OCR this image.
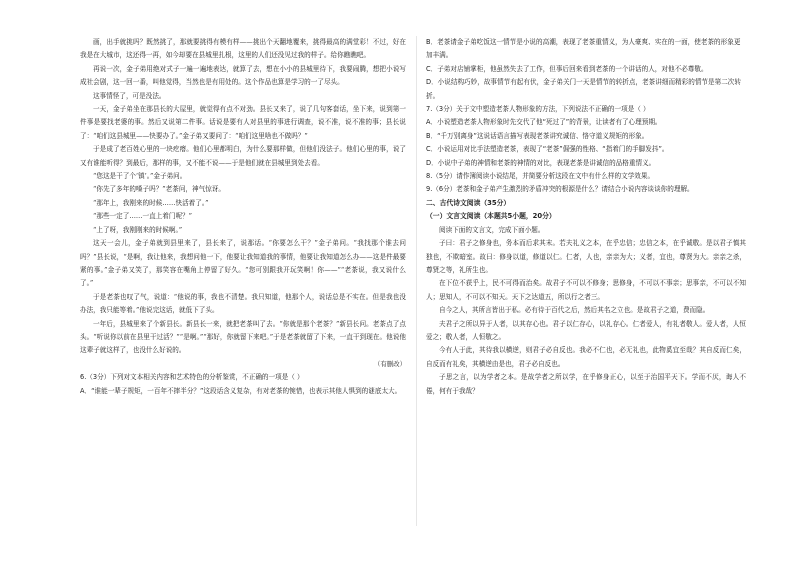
画，出手就挑吗？既然挑了，那就要挑得有模有样——挑出个天翻地覆来，挑得最高的满堂彩！不过，好在我是在大城市，这还得一再，如今却要在县城里扎根，这里的人们还没见过我的样子。给你瞧瞧吧。

再说一次，金子弟用绝对式子一遍一遍地表达，就算了去，想在小小的县城里待下，我要闹腾，想把小说写成社会剧，这一回一番，叫他觉得，当然也是有用处的。这个作品也算是学习的一了尽头。

这事情怪了，可是没法。

一天，金子弟坐在那县长的大屋里，就觉得有点不对劲。县长又来了，说了几句客套话，坐下来，说到第一件事是要找老婆的事。然后又说第二件事。话说是要有人对县里的事进行调查，说不准，说不准的事；县长说了：“咱们这县城里——快要办了。”金子弟又要问了：“咱们这里啥也不做吗？”

于是成了老百姓心里的一块疙瘩。他们心里都明白，为什么要那样做，但他们没法子。他们心里的事，说了又有谁能听得？到最后，那样的事，又不能不说——于是他们就在县城里到处去看。

“您这是干了个‘镇’。”金子弟问。

“你先了多年的嗓子吗？”老茶问，神气惊讶。

“那年上，我刚来的时候……快活着了。”

“那些一定了……一直上着门呢？”

“上了呀，我刚刚来的时候啊。”

这天一会儿，金子弟就到县里来了，县长来了，说那话。“你要怎么干？”金子弟问。“我找那个谁去问吗？”县长说，“是啊，我让他来，我想问他一下，他要让我知道我的事情，他要让我知道怎么办——这是件最要紧的事。”金子弟又笑了，那笑容在嘴角上停留了好久。“您可别跟我开玩笑啊！你——”“老茶说，我又说什么了。”

于是老茶也叹了气，说道：“他说的事，我也不清楚。我只知道，他那个人，说话总是不实在。但是我也没办法，我只能等着。”他说完这话，就低下了头。

一年后，县城里来了个新县长。新县长一来，就把老茶叫了去。“你就是那个老茶？”新县长问。老茶点了点头。“听说你以前在县里干过活？”“是啊。”“那好，你就留下来吧。”于是老茶就留了下来，一直干到现在。他说他这辈子就这样了，也没什么好说的。

（有删改）

6.（3分）下列对文本相关内容和艺术特色的分析鉴赏，不正确的一项是（ ）

A．“谁能一辈子规矩，一百年不摔半分？”这段话含义复杂，有对老茶的惋惜，也表示其他人惧到的谜底太大。

B．老茶请金子弟吃饭这一情节是小说的高潮，表现了老茶重情义，为人豪爽、实在的一面，使老茶的形象更加丰满。

C．子弟对店铺掌柜，他虽然失去了工作，但事后回来看到老茶的一个讲话的人，对他不必尊敬。

D．小说结构巧妙，故事情节有起有伏，金子弟关门一天是情节的转折点，老茶讲细而精彩的情节是第二次转折。

7.（3分）关于文中塑造老茶人物形象的方法，下列说法不正确的一项是（ ）

A．小说塑造老茶人物形象时先交代了他“死过了”的背景，让读者有了心理预期。

B．“千万别离身”这说话语言描写表现老茶讲究诚信、恪守道义规矩的形象。

C．小说运用对比手法塑造老茶，表现了“老茶”倔强的性格、“指着门的手脚发抖”。

D．小说中子弟的神情和老茶的神情的对比，表现老茶是讲诚信的品格重情义。

8.（5分）请作簿阅读小说结尾，并简要分析这段在文中有什么样的文学效果。

9.（6分）老茶和金子弟产生激烈的矛盾冲突的根源是什么？请结合小说内容谈谈你的理解。

二、古代诗文阅读（35分）

（一）文言文阅读（本题共5小题，20分）

阅读下面的文言文，完成下面小题。

子曰：君子之修身也，务本而后求其末。若夫礼义之本，在乎忠信；忠信之本，在乎诚敬。是以君子慎其独也，不欺暗室。故曰：修身以道，修道以仁。仁者，人也，亲亲为大；义者，宜也，尊贤为大。亲亲之杀，尊贤之等，礼所生也。

在下位不获乎上，民不可得而治矣。故君子不可以不修身；思修身，不可以不事亲；思事亲，不可以不知人；思知人，不可以不知天。天下之达道五，所以行之者三。

自今之人，其所言皆出于私。必有待于百代之后，然后其名之立也。是故君子之道，费而隐。

夫君子之所以异于人者，以其存心也。君子以仁存心，以礼存心。仁者爱人，有礼者敬人。爱人者，人恒爱之；敬人者，人恒敬之。

今有人于此，其待我以横逆，则君子必自反也。我必不仁也，必无礼也，此物奚宜至哉？其自反而仁矣，自反而有礼矣，其横逆由是也，君子必自反也。

子思之言，以为学者之本。是故学者之所以学，在乎修身正心，以至于治国平天下。学而不厌，诲人不倦，何有于我哉？
